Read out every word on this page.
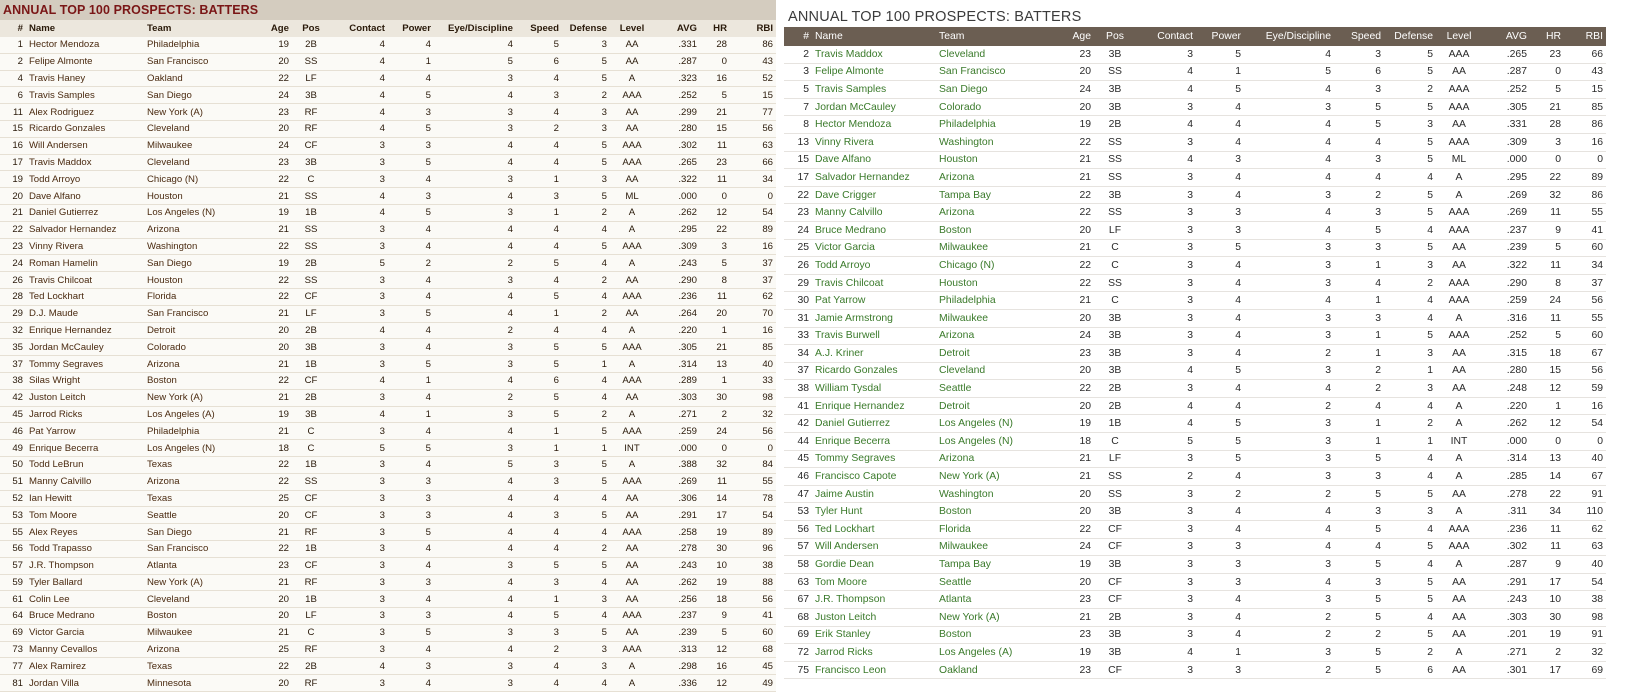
ANNUAL TOP 100 PROSPECTS: BATTERS
#	Name	Team	Age	Pos	Contact	Power	Eye/Discipline	Speed	Defense	Level	AVG	HR	RBI
1	Hector Mendoza	Philadelphia	19	2B	4	4	4	5	3	AA	.331	28	86
2	Felipe Almonte	San Francisco	20	SS	4	1	5	6	5	AA	.287	0	43
4	Travis Haney	Oakland	22	LF	4	4	3	4	5	A	.323	16	52
6	Travis Samples	San Diego	24	3B	4	5	4	3	2	AAA	.252	5	15
11	Alex Rodriguez	New York (A)	23	RF	4	3	3	4	3	AA	.299	21	77
15	Ricardo Gonzales	Cleveland	20	RF	4	5	3	2	3	AA	.280	15	56
16	Will Andersen	Milwaukee	24	CF	3	3	4	4	5	AAA	.302	11	63
17	Travis Maddox	Cleveland	23	3B	3	5	4	4	5	AAA	.265	23	66
19	Todd Arroyo	Chicago (N)	22	C	3	4	3	1	3	AA	.322	11	34
20	Dave Alfano	Houston	21	SS	4	3	4	3	5	ML	.000	0	0
21	Daniel Gutierrez	Los Angeles (N)	19	1B	4	5	3	1	2	A	.262	12	54
22	Salvador Hernandez	Arizona	21	SS	3	4	4	4	4	A	.295	22	89
23	Vinny Rivera	Washington	22	SS	3	4	4	4	5	AAA	.309	3	16
24	Roman Hamelin	San Diego	19	2B	5	2	2	5	4	A	.243	5	37
26	Travis Chilcoat	Houston	22	SS	3	4	3	4	2	AA	.290	8	37
28	Ted Lockhart	Florida	22	CF	3	4	4	5	4	AAA	.236	11	62
29	D.J. Maude	San Francisco	21	LF	3	5	4	1	2	AA	.264	20	70
32	Enrique Hernandez	Detroit	20	2B	4	4	2	4	4	A	.220	1	16
35	Jordan McCauley	Colorado	20	3B	3	4	3	5	5	AAA	.305	21	85
37	Tommy Segraves	Arizona	21	1B	3	5	3	5	1	A	.314	13	40
38	Silas Wright	Boston	22	CF	4	1	4	6	4	AAA	.289	1	33
42	Juston Leitch	New York (A)	21	2B	3	4	2	5	4	AA	.303	30	98
45	Jarrod Ricks	Los Angeles (A)	19	3B	4	1	3	5	2	A	.271	2	32
46	Pat Yarrow	Philadelphia	21	C	3	4	4	1	5	AAA	.259	24	56
49	Enrique Becerra	Los Angeles (N)	18	C	5	5	3	1	1	INT	.000	0	0
50	Todd LeBrun	Texas	22	1B	3	4	5	3	5	A	.388	32	84
51	Manny Calvillo	Arizona	22	SS	3	3	4	3	5	AAA	.269	11	55
52	Ian Hewitt	Texas	25	CF	3	3	4	4	4	AA	.306	14	78
53	Tom Moore	Seattle	20	CF	3	3	4	3	5	AA	.291	17	54
55	Alex Reyes	San Diego	21	RF	3	5	4	4	4	AAA	.258	19	89
56	Todd Trapasso	San Francisco	22	1B	3	4	4	4	2	AA	.278	30	96
57	J.R. Thompson	Atlanta	23	CF	3	4	3	5	5	AA	.243	10	38
59	Tyler Ballard	New York (A)	21	RF	3	3	4	3	4	AA	.262	19	88
61	Colin Lee	Cleveland	20	1B	3	4	4	1	3	AA	.256	18	56
64	Bruce Medrano	Boston	20	LF	3	3	4	5	4	AAA	.237	9	41
69	Victor Garcia	Milwaukee	21	C	3	5	3	3	5	AA	.239	5	60
73	Manny Cevallos	Arizona	25	RF	3	4	4	2	3	AAA	.313	12	68
77	Alex Ramirez	Texas	22	2B	4	3	3	4	3	A	.298	16	45
81	Jordan Villa	Minnesota	20	RF	3	4	3	4	4	A	.336	12	49
ANNUAL TOP 100 PROSPECTS: BATTERS
#	Name	Team	Age	Pos	Contact	Power	Eye/Discipline	Speed	Defense	Level	AVG	HR	RBI
2	Travis Maddox	Cleveland	23	3B	3	5	4	3	5	AAA	.265	23	66
3	Felipe Almonte	San Francisco	20	SS	4	1	5	6	5	AA	.287	0	43
5	Travis Samples	San Diego	24	3B	4	5	4	3	2	AAA	.252	5	15
7	Jordan McCauley	Colorado	20	3B	3	4	3	5	5	AAA	.305	21	85
8	Hector Mendoza	Philadelphia	19	2B	4	4	4	5	3	AA	.331	28	86
13	Vinny Rivera	Washington	22	SS	3	4	4	4	5	AAA	.309	3	16
15	Dave Alfano	Houston	21	SS	4	3	4	3	5	ML	.000	0	0
17	Salvador Hernandez	Arizona	21	SS	3	4	4	4	4	A	.295	22	89
22	Dave Crigger	Tampa Bay	22	3B	3	4	3	2	5	A	.269	32	86
23	Manny Calvillo	Arizona	22	SS	3	3	4	3	5	AAA	.269	11	55
24	Bruce Medrano	Boston	20	LF	3	3	4	5	4	AAA	.237	9	41
25	Victor Garcia	Milwaukee	21	C	3	5	3	3	5	AA	.239	5	60
26	Todd Arroyo	Chicago (N)	22	C	3	4	3	1	3	AA	.322	11	34
29	Travis Chilcoat	Houston	22	SS	3	4	3	4	2	AAA	.290	8	37
30	Pat Yarrow	Philadelphia	21	C	3	4	4	1	4	AAA	.259	24	56
31	Jamie Armstrong	Milwaukee	20	3B	3	4	3	3	4	A	.316	11	55
33	Travis Burwell	Arizona	24	3B	3	4	3	1	5	AAA	.252	5	60
34	A.J. Kriner	Detroit	23	3B	3	4	2	1	3	AA	.315	18	67
37	Ricardo Gonzales	Cleveland	20	3B	4	5	3	2	1	AA	.280	15	56
38	William Tysdal	Seattle	22	2B	3	4	4	2	3	AA	.248	12	59
41	Enrique Hernandez	Detroit	20	2B	4	4	2	4	4	A	.220	1	16
42	Daniel Gutierrez	Los Angeles (N)	19	1B	4	5	3	1	2	A	.262	12	54
44	Enrique Becerra	Los Angeles (N)	18	C	5	5	3	1	1	INT	.000	0	0
45	Tommy Segraves	Arizona	21	LF	3	5	3	5	4	A	.314	13	40
46	Francisco Capote	New York (A)	21	SS	2	4	3	3	4	A	.285	14	67
47	Jaime Austin	Washington	20	SS	3	2	2	5	5	AA	.278	22	91
53	Tyler Hunt	Boston	20	3B	3	4	4	3	3	A	.311	34	110
56	Ted Lockhart	Florida	22	CF	3	4	4	5	4	AAA	.236	11	62
57	Will Andersen	Milwaukee	24	CF	3	3	4	4	5	AAA	.302	11	63
58	Gordie Dean	Tampa Bay	19	3B	3	3	3	5	4	A	.287	9	40
63	Tom Moore	Seattle	20	CF	3	3	4	3	5	AA	.291	17	54
67	J.R. Thompson	Atlanta	23	CF	3	4	3	5	5	AA	.243	10	38
68	Juston Leitch	New York (A)	21	2B	3	4	2	5	4	AA	.303	30	98
69	Erik Stanley	Boston	23	3B	3	4	2	2	5	AA	.201	19	91
72	Jarrod Ricks	Los Angeles (A)	19	3B	4	1	3	5	2	A	.271	2	32
75	Francisco Leon	Oakland	23	CF	3	3	2	5	6	AA	.301	17	69
